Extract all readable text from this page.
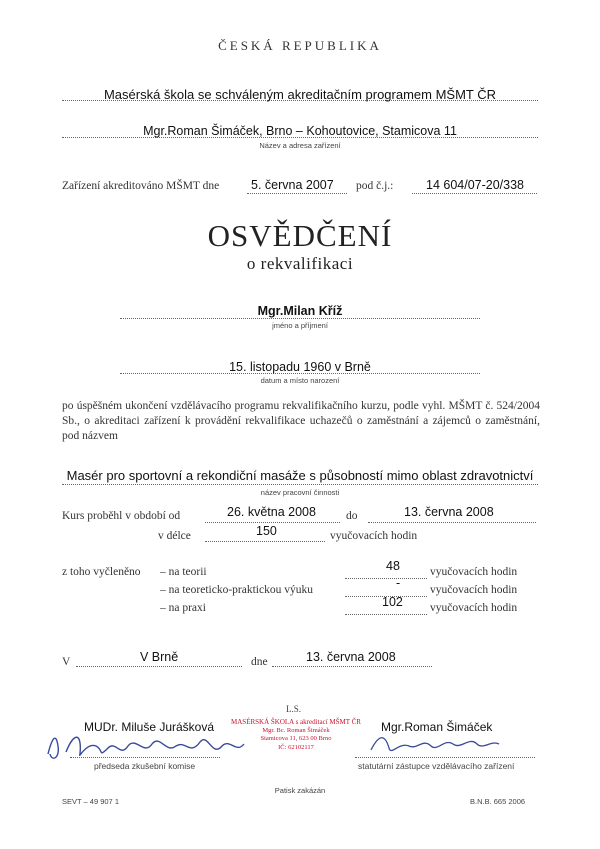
ČESKÁ REPUBLIKA
Masérská škola se schváleným akreditačním programem MŠMT ČR
Mgr.Roman Šimáček, Brno – Kohoutovice, Stamicova 11
Název a adresa zařízení
Zařízení akreditováno MŠMT dne	5. června 2007 pod č.j.:	14 604/07-20/338
OSVĚDČENÍ
o rekvalifikaci
Mgr.Milan Kříž
jméno a příjmení
15. listopadu 1960 v Brně
datum a místo narození
po úspěšném ukončení vzdělávacího programu rekvalifikačního kurzu, podle vyhl. MŠMT č. 524/2004 Sb., o akreditaci zařízení k provádění rekvalifikace uchazečů o zaměstnání a zájemců o zaměstnání, pod názvem
Masér pro sportovní a rekondiční masáže s působností mimo oblast zdravotnictví
název pracovní činnosti
Kurs proběhl v období od	26. května 2008	do	13. června 2008
v délce	150	vyučovacích hodin
z toho vyčleněno – na teorii	48	vyučovacích hodin
– na teoreticko-praktickou výuku	-	vyučovacích hodin
– na praxi	102 vyučovacích hodin
V	V Brně	dne	13. června 2008
L.S.
MUDr. Miluše Jurášková	Mgr.Roman Šimáček
MASÉRSKÁ ŠKOLA s akreditací MŠMT ČR
Mgr. Bc. Roman Šimáček
Stamicova 11, 623 00 Brno
IČ: 62102117
předseda zkušební komise	statutární zástupce vzdělávacího zařízení
SEVT – 49 907 1
Patisk zakázán
B.N.B. 665 2006
